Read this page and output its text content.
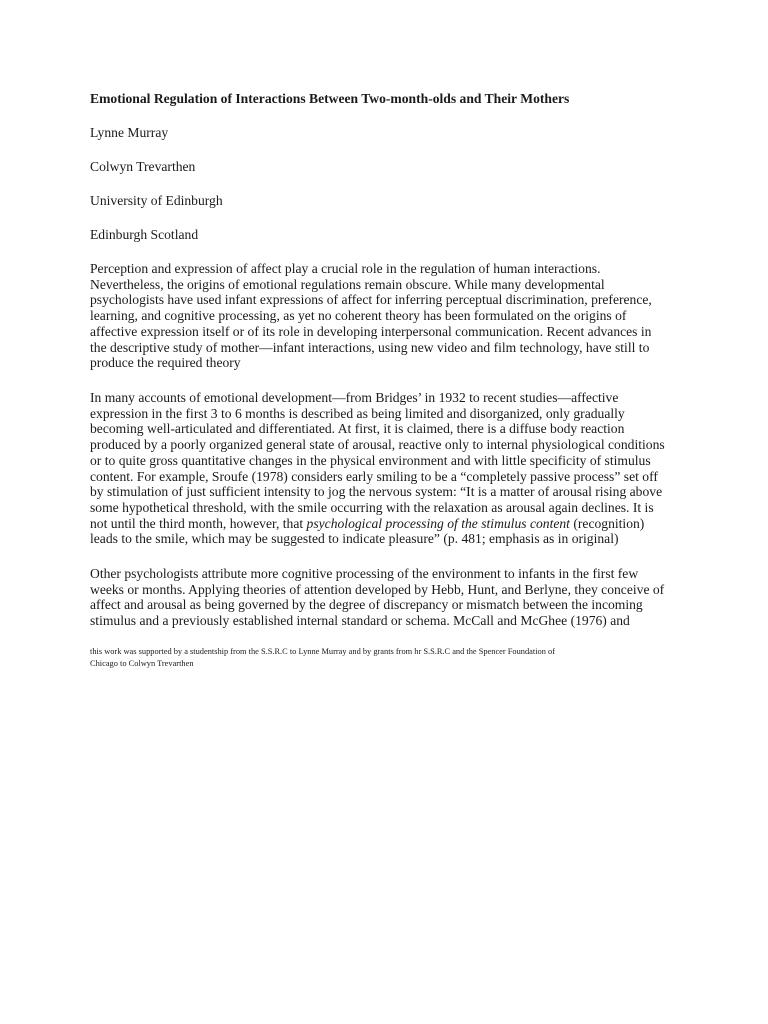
Emotional Regulation of Interactions Between Two-month-olds and Their Mothers
Lynne Murray
Colwyn Trevarthen
University of Edinburgh
Edinburgh Scotland
Perception and expression of affect play a crucial role in the regulation of human interactions.
Nevertheless, the origins of emotional regulations remain obscure. While many developmental
psychologists have used infant expressions of affect for inferring perceptual discrimination, preference,
learning, and cognitive processing, as yet no coherent theory has been formulated on the origins of
affective expression itself or of its role in developing interpersonal communication. Recent advances in
the descriptive study of mother—infant interactions, using new video and film technology, have still to
produce the required theory
In many accounts of emotional development—from Bridges’ in 1932 to recent studies—affective
expression in the first 3 to 6 months is described as being limited and disorganized, only gradually
becoming well-articulated and differentiated. At first, it is claimed, there is a diffuse body reaction
produced by a poorly organized general state of arousal, reactive only to internal physiological conditions
or to quite gross quantitative changes in the physical environment and with little specificity of stimulus
content. For example, Sroufe (1978) considers early smiling to be a “completely passive process” set off
by stimulation of just sufficient intensity to jog the nervous system: “It is a matter of arousal rising above
some hypothetical threshold, with the smile occurring with the relaxation as arousal again declines. It is
not until the third month, however, that psychological processing of the stimulus content (recognition)
leads to the smile, which may be suggested to indicate pleasure” (p. 481; emphasis as in original)
Other psychologists attribute more cognitive processing of the environment to infants in the first few
weeks or months. Applying theories of attention developed by Hebb, Hunt, and Berlyne, they conceive of
affect and arousal as being governed by the degree of discrepancy or mismatch between the incoming
stimulus and a previously established internal standard or schema. McCall and McGhee (1976) and
this work was supported by a studentship from the S.S.R.C to Lynne Murray and by grants from hr S.S.R.C and the Spencer Foundation of
Chicago to Colwyn Trevarthen
